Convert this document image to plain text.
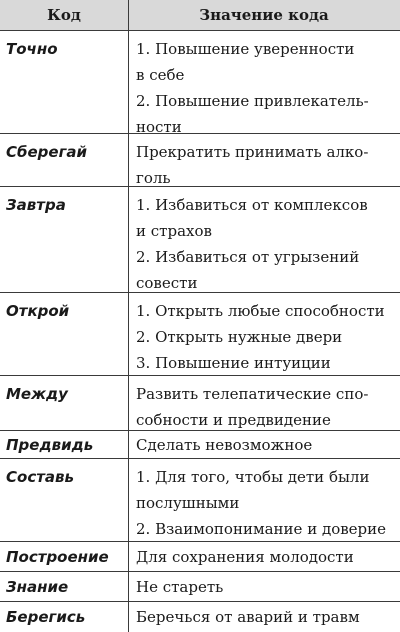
Код	Значение кода
Точно	1. Повышение уверенности
в себе
2. Повышение привлекатель-
ности
Сберегай	Прекратить принимать алко-
голь
Завтра	1. Избавиться от комплексов
и страхов
2. Избавиться от угрызений
совести
Открой	1. Открыть любые способности
2. Открыть нужные двери
3. Повышение интуиции
Между	Развить телепатические спо-
собности и предвидение
Предвидь	Сделать невозможное
Составь	1. Для того, чтобы дети были
послушными
2. Взаимопонимание и доверие
Построение	Для сохранения молодости
Знание	Не стареть
Берегись	Беречься от аварий и травм
